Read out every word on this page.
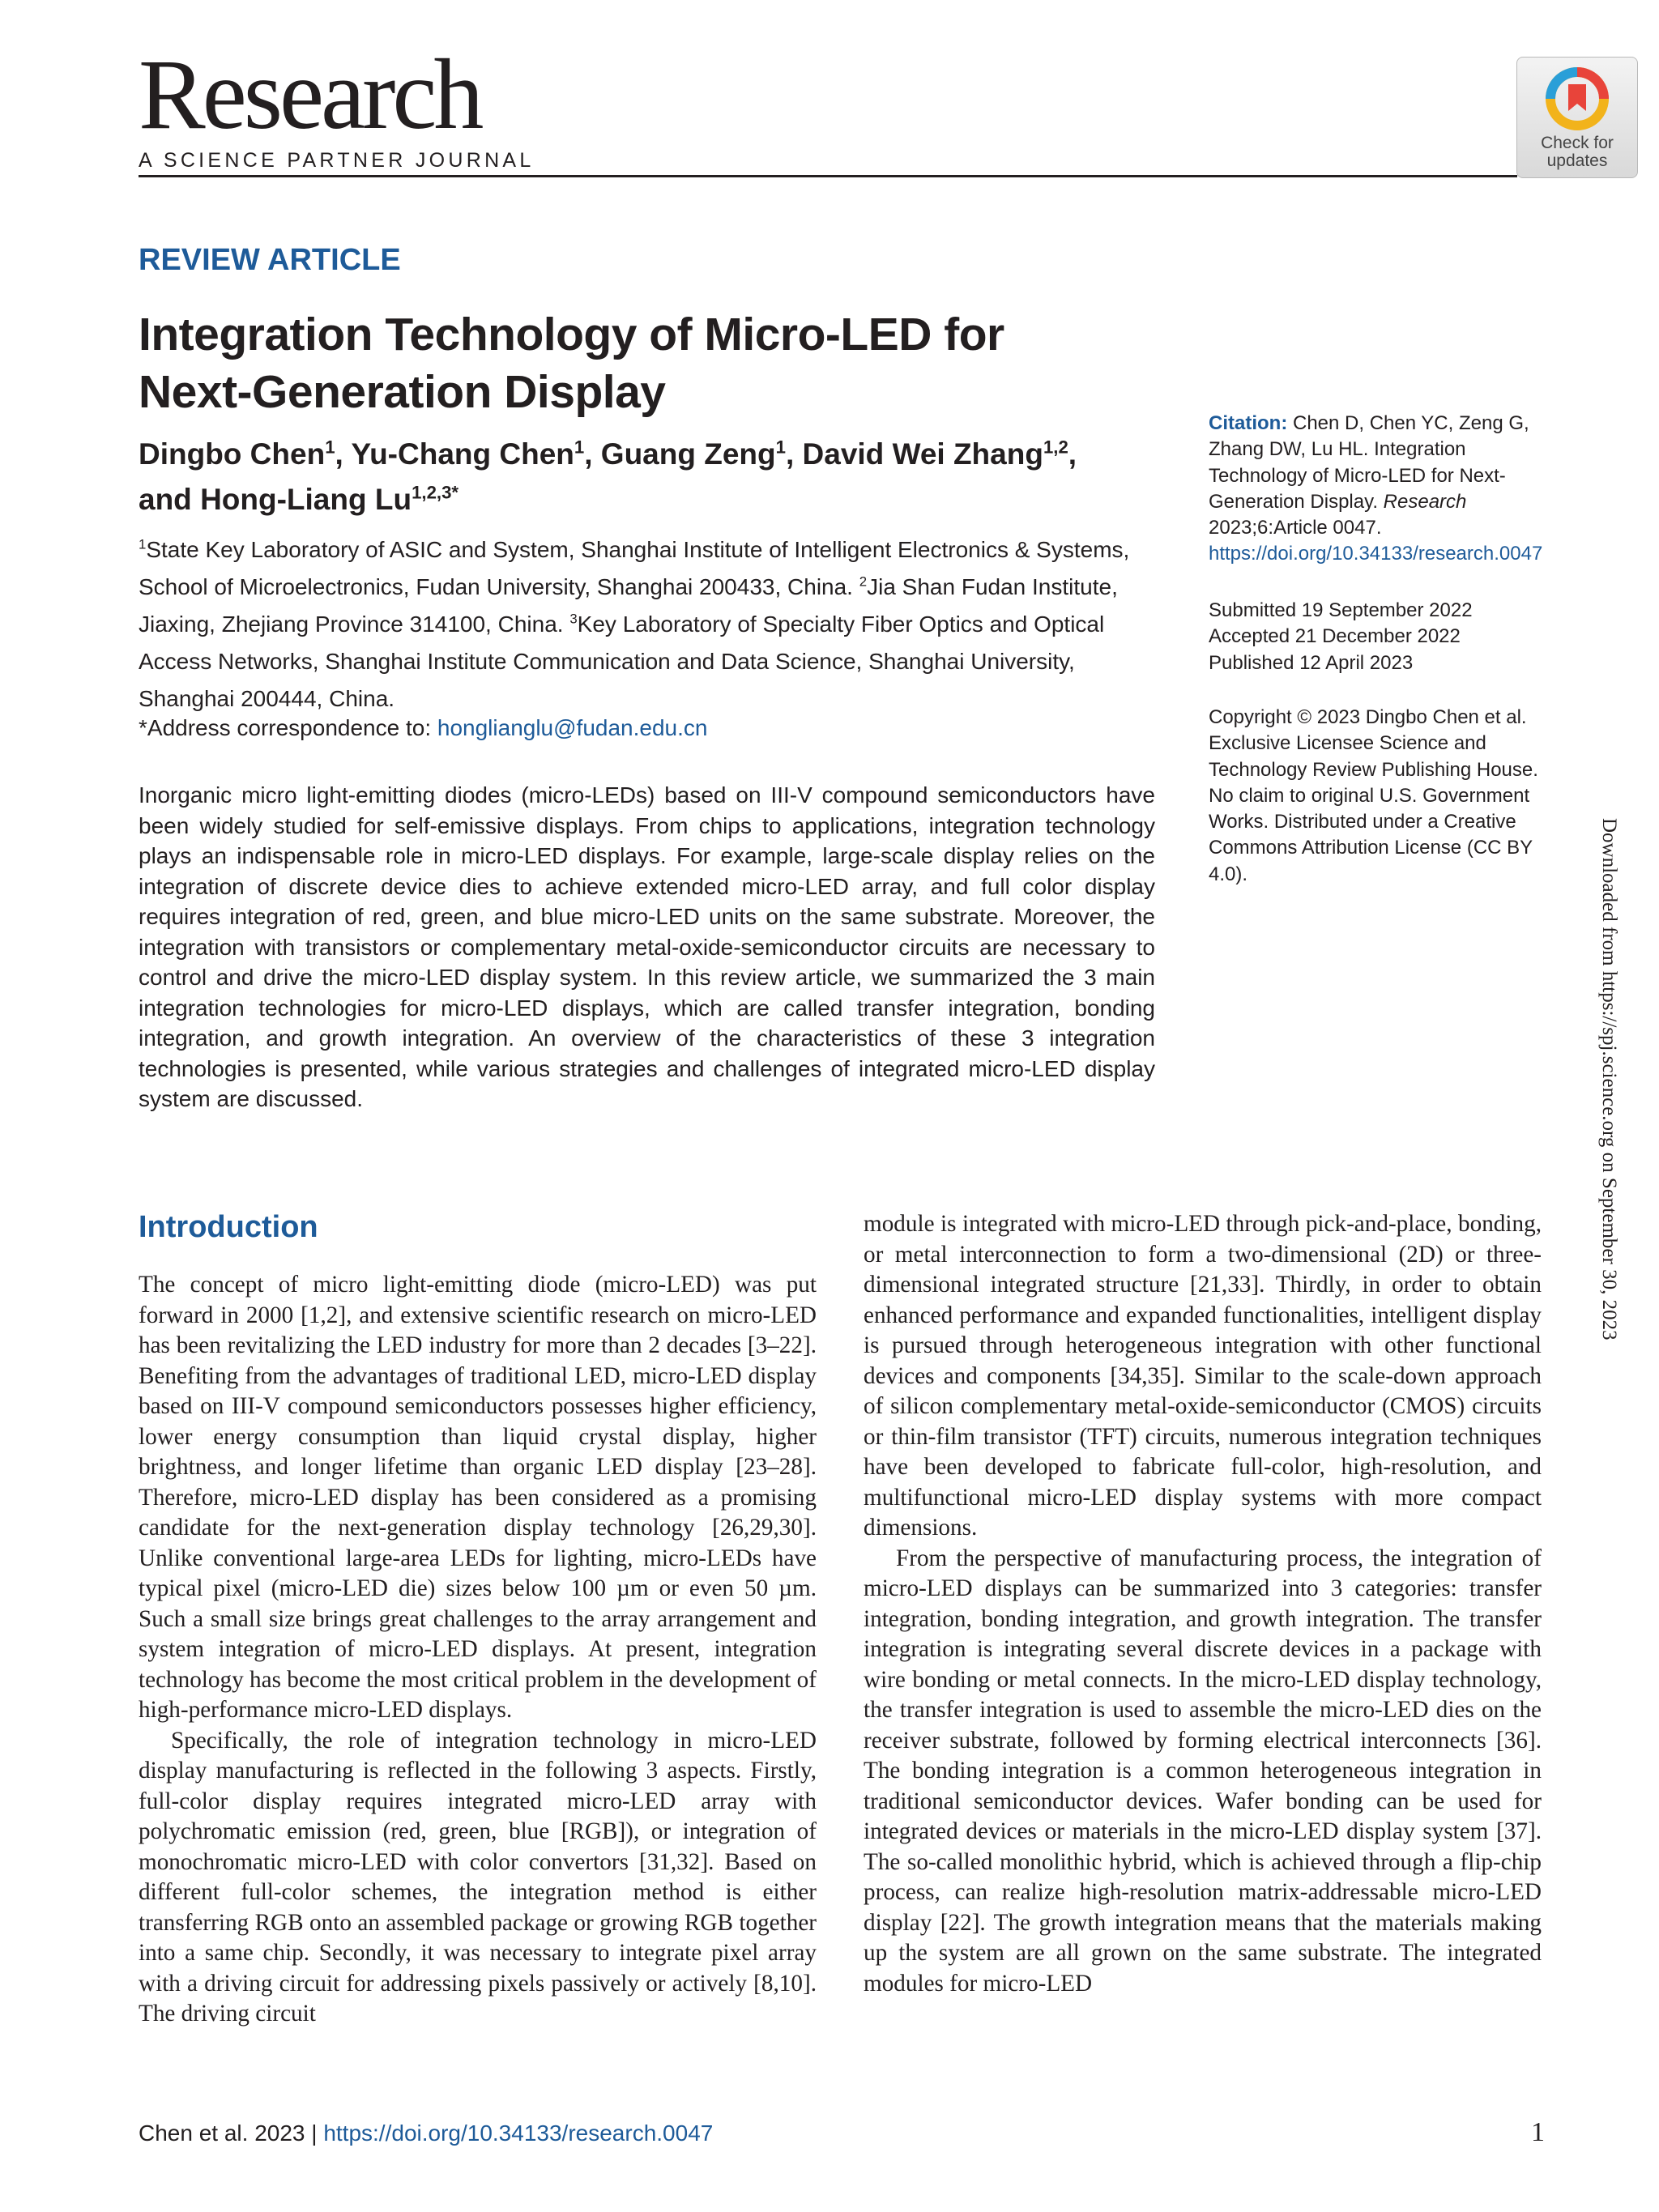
Research
A SCIENCE PARTNER JOURNAL
Check for
updates
REVIEW ARTICLE
Integration Technology of Micro-LED for
Next-Generation Display
Dingbo Chen$^1$, Yu-Chang Chen$^1$, Guang Zeng$^1$, David Wei Zhang$^{1,2}$,
and Hong-Liang $Lu^{1,2,3*}$
$^1$State Key Laboratory of ASIC and System, Shanghai Institute of Intelligent Electronics & Systems, School of Microelectronics, Fudan University, Shanghai 200433, China. $^2$Jia Shan Fudan Institute, Jiaxing, Zhejiang Province 314100, China. $^3$Key Laboratory of Specialty Fiber Optics and Optical Access Networks, Shanghai Institute Communication and Data Science, Shanghai University, Shanghai 200444, China.
*Address correspondence to: honglianglu@fudan.edu.cn
Inorganic micro light-emitting diodes (micro-LEDs) based on III-V compound semiconductors have been widely studied for self-emissive displays. From chips to applications, integration technology plays an indispensable role in micro-LED displays. For example, large-scale display relies on the integration of discrete device dies to achieve extended micro-LED array, and full color display requires integration of red, green, and blue micro-LED units on the same substrate. Moreover, the integration with transistors or complementary metal-oxide-semiconductor circuits are necessary to control and drive the micro-LED display system. In this review article, we summarized the 3 main integration technologies for micro-LED displays, which are called transfer integration, bonding integration, and growth integration. An overview of the characteristics of these 3 integration technologies is presented, while various strategies and challenges of integrated micro-LED display system are discussed.
Citation: Chen D, Chen YC, Zeng G, Zhang DW, Lu HL. Integration Technology of Micro-LED for Next-Generation Display. Research 2023;6:Article 0047. https://doi.org/10.34133/research.0047
Submitted 19 September 2022
Accepted 21 December 2022
Published 12 April 2023
Copyright © 2023 Dingbo Chen et al. Exclusive Licensee Science and Technology Review Publishing House. No claim to original U.S. Government Works. Distributed under a Creative Commons Attribution License (CC BY 4.0).	Downloaded from https://spj.science.org on September 30, 2023
Introduction

The concept of micro light-emitting diode (micro-LED) was put forward in 2000 [1,2], and extensive scientific research on micro-LED has been revitalizing the LED industry for more than 2 decades [3–22]. Benefiting from the advantages of traditional LED, micro-LED display based on III-V compound semiconductors possesses higher efficiency, lower energy consumption than liquid crystal display, higher brightness, and longer lifetime than organic LED display [23–28]. Therefore, micro-LED display has been considered as a promising candidate for the next-generation display technology [26,29,30]. Unlike conventional large-area LEDs for lighting, micro-LEDs have typical pixel (micro-LED die) sizes below 100 µm or even 50 µm. Such a small size brings great challenges to the array arrangement and system integration of micro-LED displays. At present, integration technology has become the most critical problem in the development of high-performance micro-LED displays.

Specifically, the role of integration technology in micro-LED display manufacturing is reflected in the following 3 aspects. Firstly, full-color display requires integrated micro-LED array with polychromatic emission (red, green, blue [RGB]), or integration of monochromatic micro-LED with color convertors [31,32]. Based on different full-color schemes, the integration method is either transferring RGB onto an assembled package or growing RGB together into a same chip. Secondly, it was necessary to integrate pixel array with a driving circuit for addressing pixels passively or actively [8,10]. The driving circuit

module is integrated with micro-LED through pick-and-place, bonding, or metal interconnection to form a two-dimensional (2D) or three-dimensional integrated structure [21,33]. Thirdly, in order to obtain enhanced performance and expanded functionalities, intelligent display is pursued through heterogeneous integration with other functional devices and components [34,35]. Similar to the scale-down approach of silicon complementary metal-oxide-semiconductor (CMOS) circuits or thin-film transistor (TFT) circuits, numerous integration techniques have been developed to fabricate full-color, high-resolution, and multifunctional micro-LED display systems with more compact dimensions.

From the perspective of manufacturing process, the integration of micro-LED displays can be summarized into 3 categories: transfer integration, bonding integration, and growth integration. The transfer integration is integrating several discrete devices in a package with wire bonding or metal connects. In the micro-LED display technology, the transfer integration is used to assemble the micro-LED dies on the receiver substrate, followed by forming electrical interconnects [36]. The bonding integration is a common heterogeneous integration in traditional semiconductor devices. Wafer bonding can be used for integrated devices or materials in the micro-LED display system [37]. The so-called monolithic hybrid, which is achieved through a flip-chip process, can realize high-resolution matrix-addressable micro-LED display [22]. The growth integration means that the materials making up the system are all grown on the same substrate. The integrated modules for micro-LED

Chen et al. 2023 | https://doi.org/10.34133/research.0047	1
